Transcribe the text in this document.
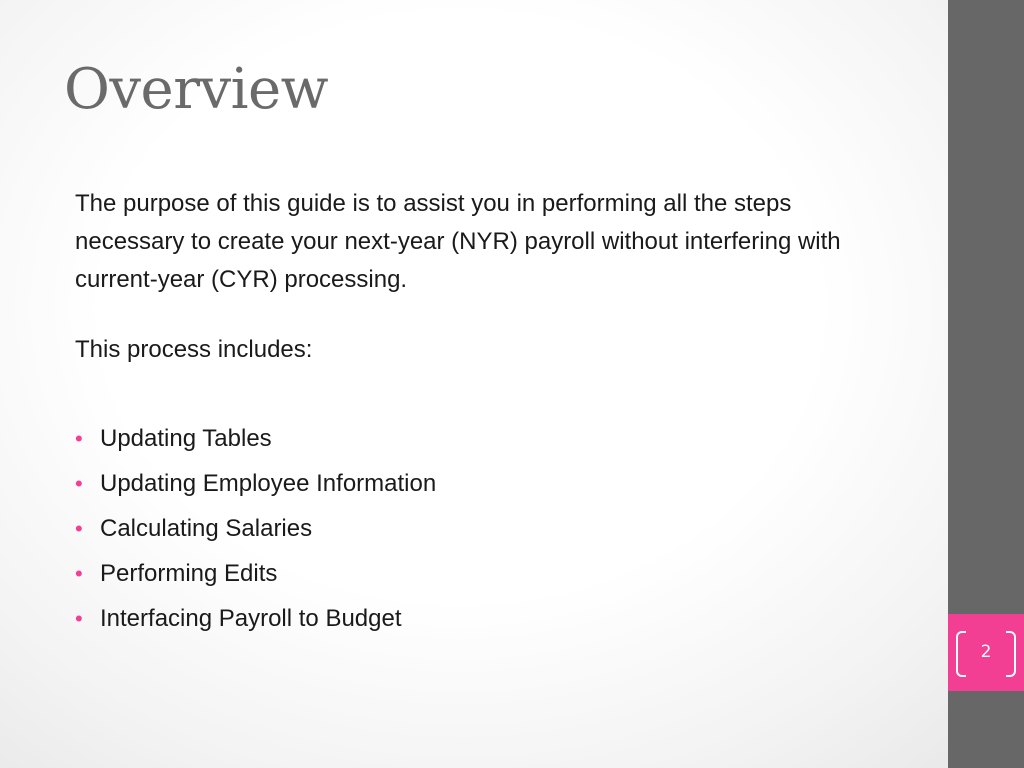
Overview

The purpose of this guide is to assist you in performing all the steps necessary to create your next-year (NYR) payroll without interfering with current-year (CYR) processing.

This process includes:

• Updating Tables
• Updating Employee Information
• Calculating Salaries
• Performing Edits
• Interfacing Payroll to Budget
2
